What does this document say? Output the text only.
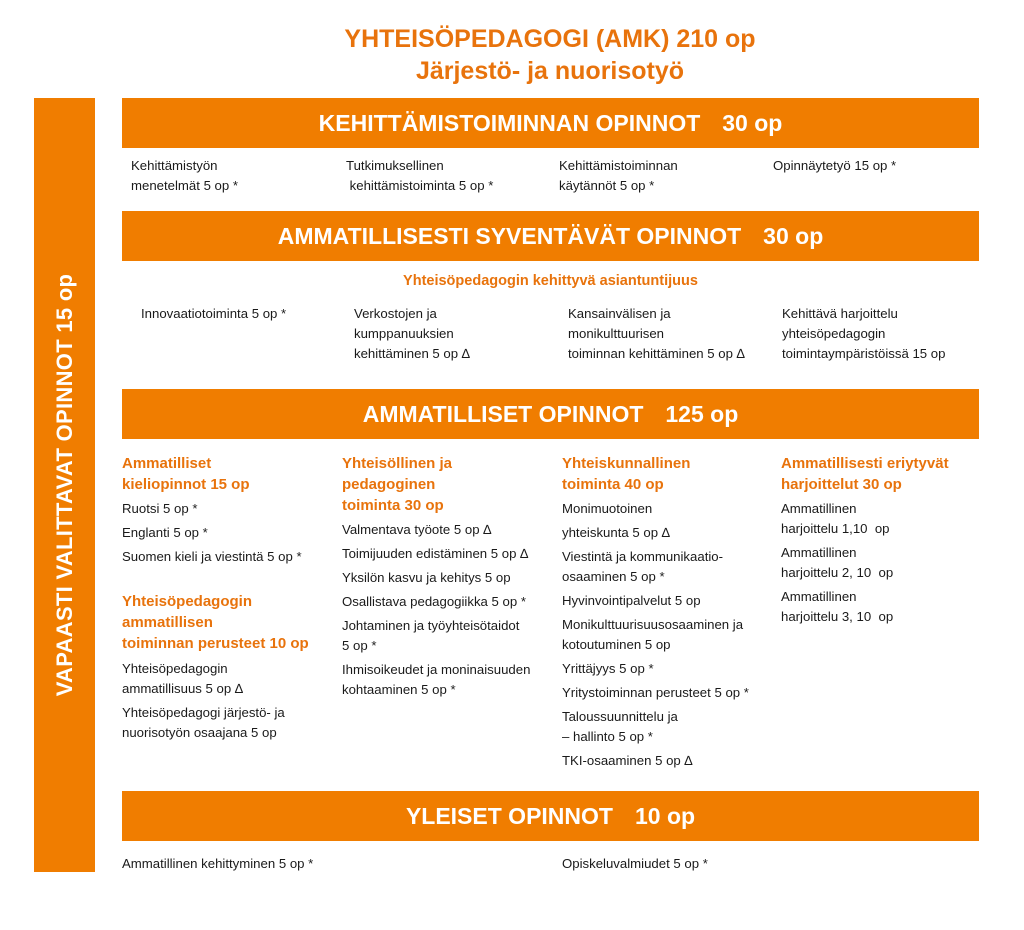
YHTEISÖPEDAGOGI (AMK) 210 op
Järjestö- ja nuorisotyö
VAPAASTI VALITTAVAT OPINNOT 15 op
KEHITTÄMISTOIMINNAN OPINNOT 30 op
Kehittämistyön
menetelmät 5 op *
Tutkimuksellinen
kehittämistoiminta 5 op *
Kehittämistoiminnan
käytännöt 5 op *
Opinnäytetyö 15 op *
AMMATILLISESTI SYVENTÄVÄT OPINNOT 30 op
Yhteisöpedagogin kehittyvä asiantuntijuus
Innovaatiotoiminta 5 op *	Verkostojen ja
kumppanuuksien
kehittäminen 5 op ∆
Kansainvälisen ja
monikulttuurisen
toiminnan kehittäminen 5 op ∆
Kehittävä harjoittelu
yhteisöpedagogin
toimintaympäristöissä 15 op
AMMATILLISET OPINNOT 125 op
Ammatilliset
kieliopinnot 15 op
Ruotsi 5 op *
Englanti 5 op *
Suomen kieli ja viestintä 5 op *
Yhteisöpedagogin
ammatillisen
toiminnan perusteet 10 op
Yhteisöpedagogin
ammatillisuus 5 op ∆
Yhteisöpedagogi järjestö- ja
nuorisotyön osaajana 5 op
Yhteisöllinen ja
pedagoginen
toiminta 30 op
Valmentava työote 5 op ∆
Toimijuuden edistäminen 5 op ∆
Yksilön kasvu ja kehitys 5 op
Osallistava pedagogiikka 5 op *
Johtaminen ja työyhteisötaidot
5 op *
Ihmisoikeudet ja moninaisuuden
kohtaaminen 5 op *
Yhteiskunnallinen
toiminta 40 op
Monimuotoinen
yhteiskunta 5 op ∆
Viestintä ja kommunikaatio-
osaaminen 5 op *
Hyvinvointipalvelut 5 op
Monikulttuurisuusosaaminen ja
kotoutuminen 5 op
Yrittäjyys 5 op *
Yritystoiminnan perusteet 5 op *
Taloussuunnittelu ja
– hallinto 5 op *
TKI-osaaminen 5 op ∆
Ammatillisesti eriytyvät
harjoittelut 30 op
Ammatillinen
harjoittelu 1,10  op
Ammatillinen
harjoittelu 2, 10  op
Ammatillinen
harjoittelu 3, 10  op
YLEISET OPINNOT 10 op
Ammatillinen kehittyminen 5 op *	Opiskeluvalmiudet 5 op *
